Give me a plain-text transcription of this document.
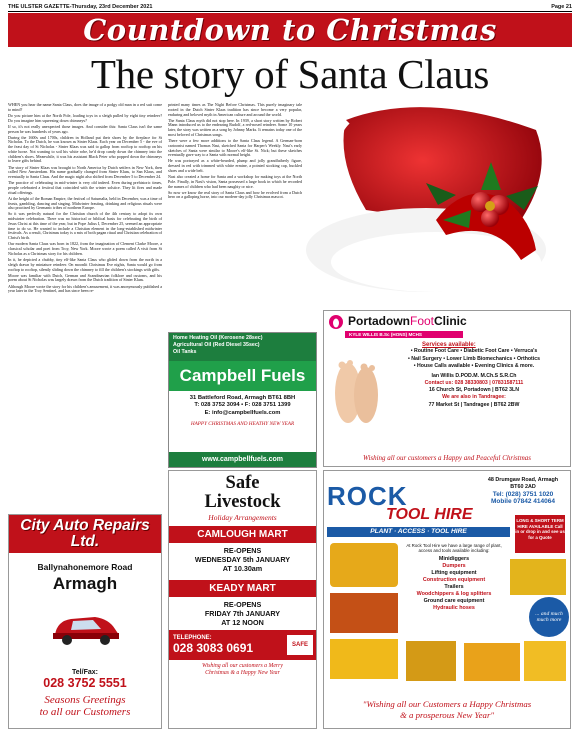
THE ULSTER GAZETTE-Thursday, 23rd December 2021	Page 21
Countdown to Christmas
The story of Santa Claus

WHEN you hear the name Santa Claus, does the image of a podgy old man in a red suit come to mind?

Do you picture him at the North Pole, loading toys in a sleigh pulled by eight tiny reindeer? Do you imagine him squeezing down chimneys?

If so, it's not really unexpected those images. And consider this: Santa Claus isn't the same person he was hundreds of years ago.

During the 1600s and 1700s, children in Holland put their shoes by the fireplace for St Nicholas. To the Dutch, he was known as Sinter Klaas. Each year on December 5 - the eve of the feast day of St Nicholas - Sinter Klaas was said to gallop from rooftop to rooftop on his white horse. Not wanting to soil his white robe, he'd drop candy down the chimney into the children's shoes. Meanwhile, it was his assistant Black Peter who popped down the chimneys to leave gifts behind.

The story of Sinter Klaas was brought to North America by Dutch settlers in New York, then called New Amsterdam. His name gradually changed from Sinter Klaas, to San Klaus, and eventually to Santa Claus. And the magic night also shifted from December 5 to December 24.

The practice of celebrating in mid-winter is very old indeed. Even during prehistoric times, people celebrated a festival that coincided with the winter solstice. They lit fires and made ritual offerings.

At the height of the Roman Empire, the festival of Saturnalia, held in December, was a time of feasts, gambling, dancing and singing. Midwinter feasting, drinking and religious rituals were also practised by Germanic tribes of northern Europe.

So it was perfectly natural for the Christian church of the 4th century to adopt its own midwinter celebration. There was no historical or biblical basis for celebrating the birth of Jesus Christ at this time of the year, but in Pope Julius I, December 25, seemed an appropriate time to do so. He wanted to include a Christian element in the long-established midwinter festivals. As a result, Christmas today is a mix of both pagan ritual and Christian celebration of Christ's birth.

Our modern Santa Claus was born in 1822, from the imagination of Clement Clarke Moore, a classical scholar and poet from Troy, New York. Moore wrote a poem called A visit from St Nicholas as a Christmas story for his children.

In it, he depicted a chubby, tiny elf-like Santa Claus who glided down from the north in a sleigh drawn by miniature reindeer. On moonlit Christmas Eve nights, Santa would go from rooftop to rooftop, silently sliding down the chimney to fill the children's stockings with gifts.

Moore was familiar with Dutch, German and Scandinavian folklore and customs, and his poem about St Nicholas was largely drawn from the Dutch tradition of Sinter Klaas.

Although Moore wrote the story for his children's amusement, it was anonymously published a year later in the Troy Sentinel, and has since been re-

printed many times as The Night Before Christmas. This purely imaginary tale rooted in the Dutch Sinter Klaas tradition has since become a very popular, enduring and beloved myth in American culture and around the world.

The Santa Claus myth did not stop here. In 1939, a short story written by Robert Mann introduced us to the endearing Rudolf, a red-nosed reindeer. Some 10 years later, the story was written as a song by Johnny Marks. It remains today one of the most beloved of Christmas songs.

There were a few more additions to the Santa Claus legend. A German-born cartoonist named Thomas Nast, sketched Santa for Harper's Weekly. Nast's early sketches of Santa were similar to Moore's elf-like St. Nick; but these sketches eventually gave way to a Santa with normal height.

He was portrayed as a white-bearded, plump and jolly grandfatherly figure, dressed in red with trimmed with white ermine, a pointed stocking cap, buckled shoes and a wide belt.

Nast also created a home for Santa and a workshop for making toys at the North Pole. Finally, in Nast's vision, Santa possessed a large book in which he recorded the names of children who had been naughty or nice.

So now we know the real story of Santa Claus and how he evolved from a Dutch hero on a galloping horse, into our modern-day jolly Christmas mascot.

Home Heating Oil (Kerosene 28sec)
Agricultural Oil (Red Diesel 35sec)
Oil Tanks
Campbell Fuels
31 Battleford Road, Armagh BT61 8BH
T: 028 3752 3094 • F: 028 3751 1399
E: info@campbellfuels.com
HAPPY CHRISTMAS AND HEATHY NEW YEAR
www.campbellfuels.com
Portadown Foot Clinic
KYLE WILLIS B.Sc (HONS) MCHS
Services available:
• Routine Foot Care • Diabetic Foot Care • Verruca's
• Nail Surgery • Lower Limb Biomechanics • Orthotics
• House Calls available • Evening Clinics & more.
Ian Willis D.POD.M. M.Ch.S S.R.Ch
Contact us: 028 38330803 | 07831587111
16 Church St, Portadown | BT62 3LN
We are also in Tandragee:
77 Market St | Tandragee | BT62 2BW
Wishing all our customers a Happy and Peaceful Christmas
City Auto Repairs Ltd.
Ballynahonemore Road
Armagh
Tel/Fax:
028 3752 5551
Seasons Greetings
to all our Customers
Safe
Livestock
Holiday Arrangements
CAMLOUGH MART
RE-OPENS
WEDNESDAY 5th JANUARY
AT 10.30am
KEADY MART
RE-OPENS
FRIDAY 7th JANUARY
AT 12 NOON
TELEPHONE:
028 3083 0691	SAFE
Wishing all our customers a Merry
Christmas & a Happy New Year
ROCK
TOOL HIRE
48 Drumgaw Road, Armagh
BT60 2AD
Tel: (028) 3751 1020
Mobile 07842 414064
PLANT · ACCESS · TOOL HIRE
LONG & SHORT TERM HIRE AVAILABLE Call in or drop in and see us for a Quote
At Rock Tool Hire we have a large range of plant, access and tools available including:
Minidiggers
Dumpers
Lifting equipment
Construction equipment
Trailers
Woodchippers & log splitters
Ground care equipment
Hydraulic hoses
... and much much more
"Wishing all our Customers a Happy Christmas
& a prosperous New Year"
